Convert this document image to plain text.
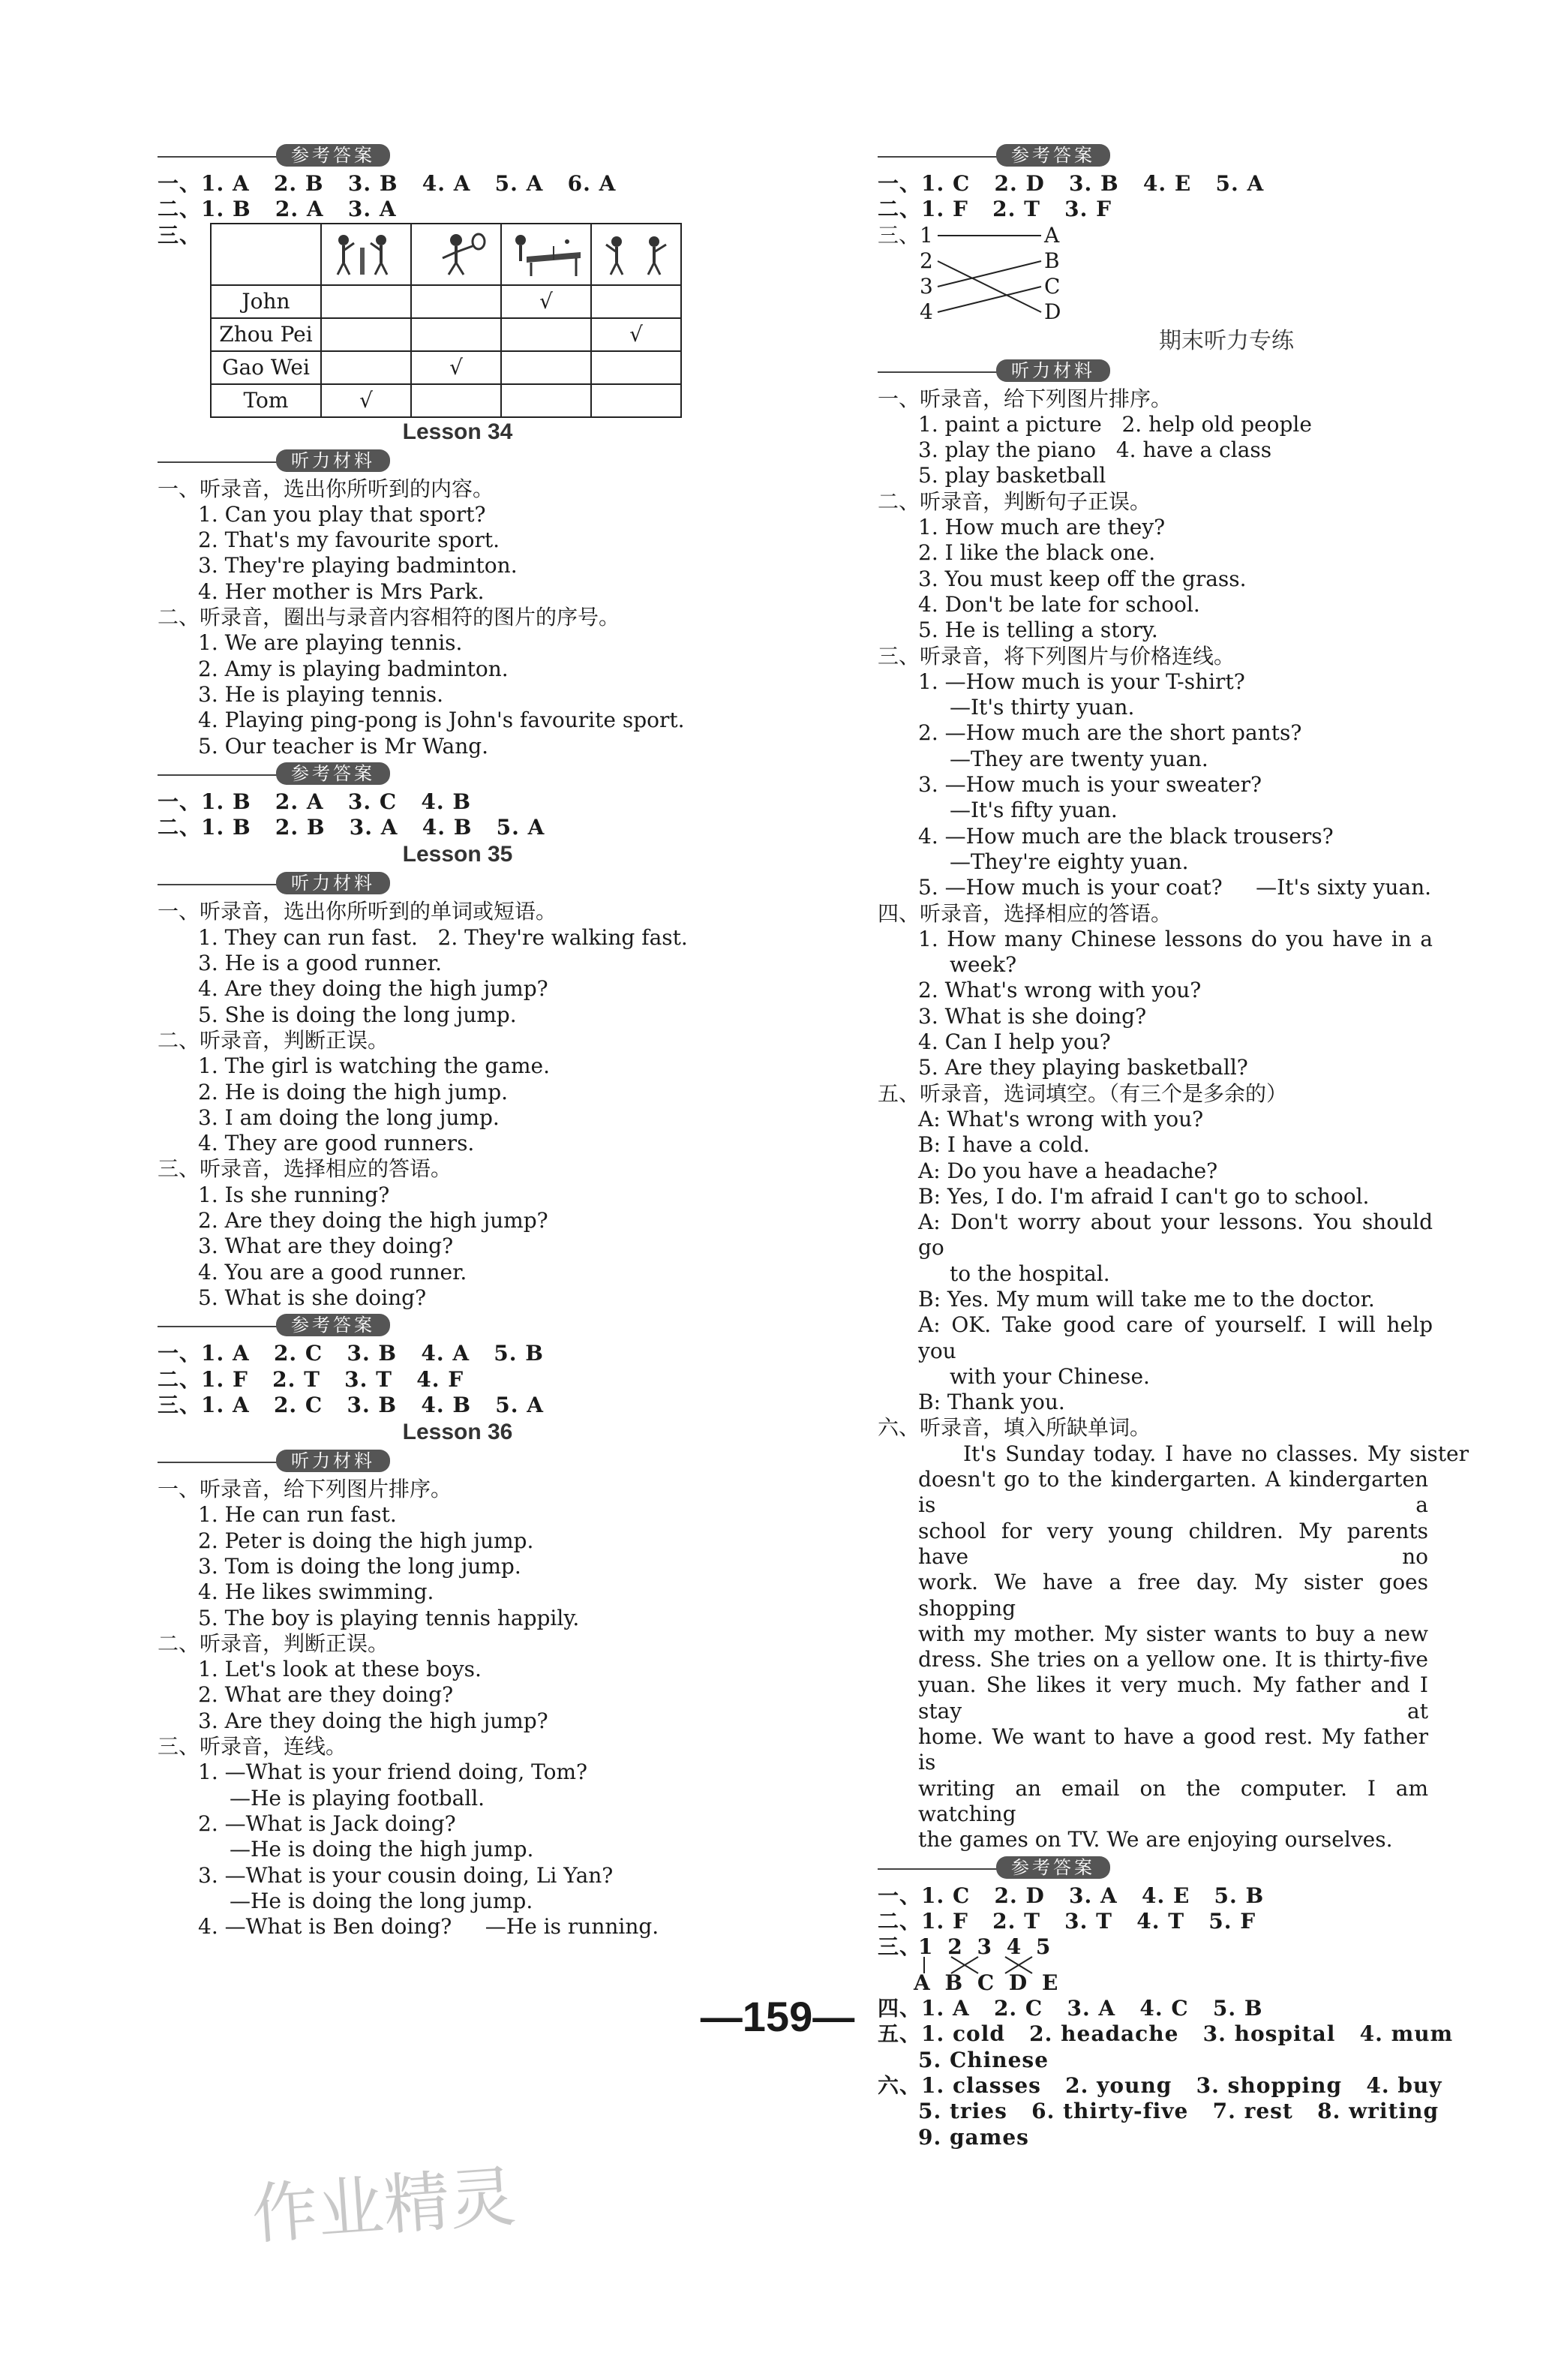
参考答案
一、1. A   2. B   3. B   4. A   5. A   6. A
二、1. B   2. A   3. A
三、

John			√	
Zhou Pei				√
Gao Wei		√		
Tom	√			
Lesson 34
听力材料
一、听录音，选出你所听到的内容。
1. Can you play that sport?
2. That's my favourite sport.
3. They're playing badminton.
4. Her mother is Mrs Park.
二、听录音，圈出与录音内容相符的图片的序号。
1. We are playing tennis.
2. Amy is playing badminton.
3. He is playing tennis.
4. Playing ping-pong is John's favourite sport.
5. Our teacher is Mr Wang.
参考答案
一、1. B   2. A   3. C   4. B
二、1. B   2. B   3. A   4. B   5. A
Lesson 35
听力材料
一、听录音，选出你所听到的单词或短语。
1. They can run fast.   2. They're walking fast.
3. He is a good runner.
4. Are they doing the high jump?
5. She is doing the long jump.
二、听录音，判断正误。
1. The girl is watching the game.
2. He is doing the high jump.
3. I am doing the long jump.
4. They are good runners.
三、听录音，选择相应的答语。
1. Is she running?
2. Are they doing the high jump?
3. What are they doing?
4. You are a good runner.
5. What is she doing?
参考答案
一、1. A   2. C   3. B   4. A   5. B
二、1. F   2. T   3. T   4. F
三、1. A   2. C   3. B   4. B   5. A
Lesson 36
听力材料
一、听录音，给下列图片排序。
1. He can run fast.
2. Peter is doing the high jump.
3. Tom is doing the long jump.
4. He likes swimming.
5. The boy is playing tennis happily.
二、听录音，判断正误。
1. Let's look at these boys.
2. What are they doing?
3. Are they doing the high jump?
三、听录音，连线。
1. —What is your friend doing, Tom?
—He is playing football.
2. —What is Jack doing?
—He is doing the high jump.
3. —What is your cousin doing, Li Yan?
—He is doing the long jump.
4. —What is Ben doing?     —He is running.
参考答案
一、1. C   2. D   3. B   4. E   5. A
二、1. F   2. T   3. F
三、1
2
3
4
A
B
C
D
期末听力专练
听力材料
一、听录音，给下列图片排序。
1. paint a picture   2. help old people
3. play the piano   4. have a class
5. play basketball
二、听录音，判断句子正误。
1. How much are they?
2. I like the black one.
3. You must keep off the grass.
4. Don't be late for school.
5. He is telling a story.
三、听录音，将下列图片与价格连线。
1. —How much is your T-shirt?
—It's thirty yuan.
2. —How much are the short pants?
—They are twenty yuan.
3. —How much is your sweater?
—It's fifty yuan.
4. —How much are the black trousers?
—They're eighty yuan.
5. —How much is your coat?     —It's sixty yuan.
四、听录音，选择相应的答语。
1. How many Chinese lessons do you have in a
week?
2. What's wrong with you?
3. What is she doing?
4. Can I help you?
5. Are they playing basketball?
五、听录音，选词填空。（有三个是多余的）
A: What's wrong with you?
B: I have a cold.
A: Do you have a headache?
B: Yes, I do. I'm afraid I can't go to school.
A: Don't worry about your lessons. You should go
to the hospital.
B: Yes. My mum will take me to the doctor.
A: OK. Take good care of yourself. I will help you
with your Chinese.
B: Thank you.
六、听录音，填入所缺单词。
It's Sunday today. I have no classes. My sister
doesn't go to the kindergarten. A kindergarten is a
school for very young children. My parents have no
work. We have a free day. My sister goes shopping
with my mother. My sister wants to buy a new
dress. She tries on a yellow one. It is thirty-five
yuan. She likes it very much. My father and I stay at
home. We want to have a good rest. My father is
writing an email on the computer. I am watching
the games on TV. We are enjoying ourselves.
参考答案
一、1. C   2. D   3. A   4. E   5. B
二、1. F   2. T   3. T   4. T   5. F
三、
1 2 3 4 5
A B C D E
四、1. A   2. C   3. A   4. C   5. B
五、1. cold   2. headache   3. hospital   4. mum
5. Chinese
六、1. classes   2. young   3. shopping   4. buy
5. tries   6. thirty-five   7. rest   8. writing
9. games
—159—
作业精灵
